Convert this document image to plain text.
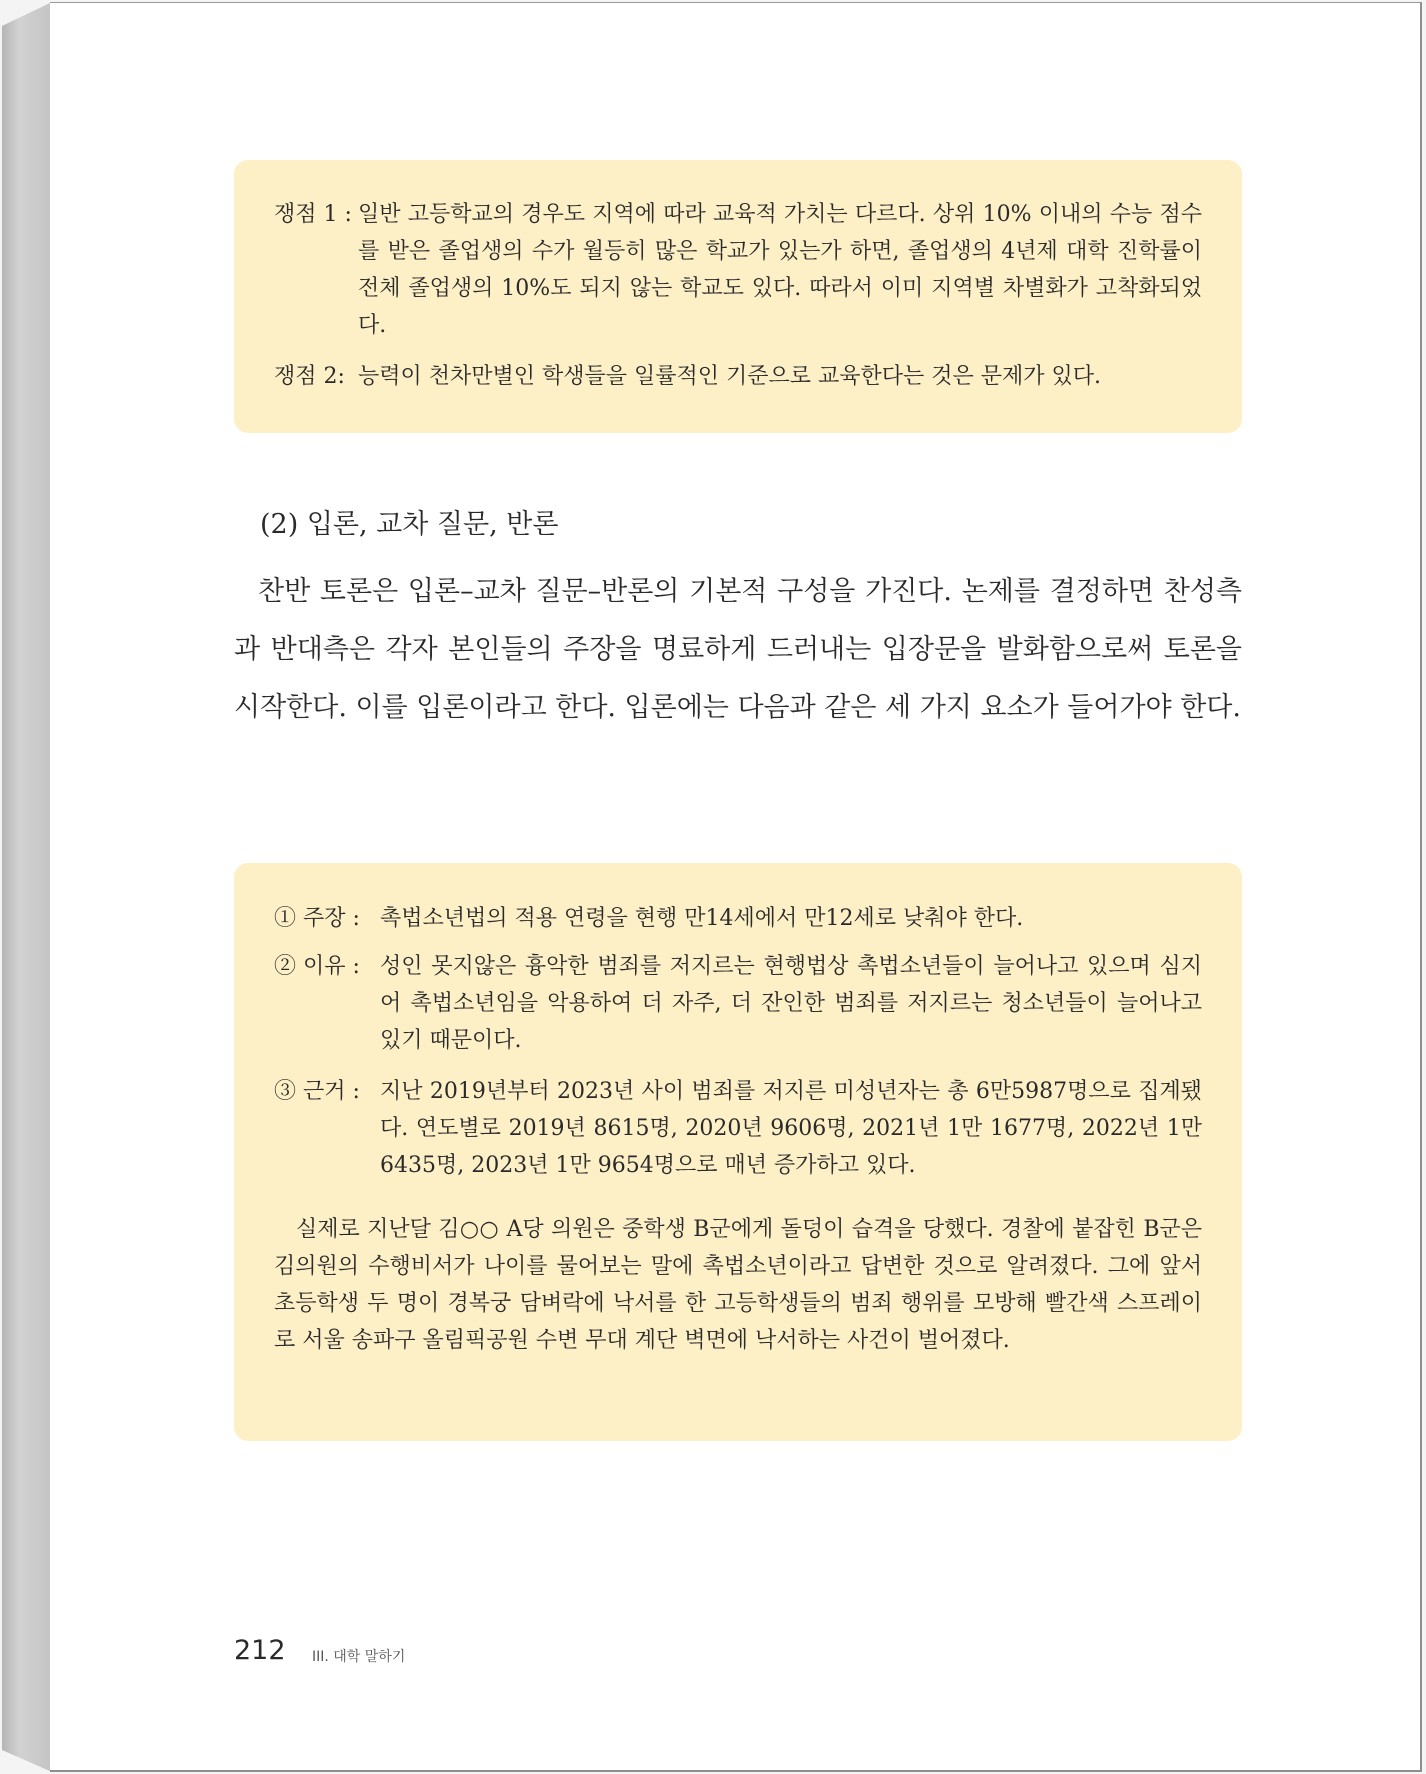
쟁점 1 : 일반 고등학교의 경우도 지역에 따라 교육적 가치는 다르다. 상위 10% 이내의 수능 점수 를 받은 졸업생의 수가 월등히 많은 학교가 있는가 하면, 졸업생의 4년제 대학 진학률이 전체 졸업생의 10%도 되지 않는 학교도 있다. 따라서 이미 지역별 차별화가 고착화되었다.
쟁점 2: 능력이 천차만별인 학생들을 일률적인 기준으로 교육한다는 것은 문제가 있다.
(2) 입론, 교차 질문, 반론

찬반 토론은 입론–교차 질문–반론의 기본적 구성을 가진다. 논제를 결정하면 찬성측과 반대측은 각자 본인들의 주장을 명료하게 드러내는 입장문을 발화함으로써 토론을 시작한다. 이를 입론이라고 한다. 입론에는 다음과 같은 세 가지 요소가 들어가야 한다.

① 주장 : 촉법소년법의 적용 연령을 현행 만14세에서 만12세로 낮춰야 한다.
② 이유 : 성인 못지않은 흉악한 범죄를 저지르는 현행법상 촉법소년들이 늘어나고 있으며 심지어 촉법소년임을 악용하여 더 자주, 더 잔인한 범죄를 저지르는 청소년들이 늘어나고 있기 때문이다.
③ 근거 : 지난 2019년부터 2023년 사이 범죄를 저지른 미성년자는 총 6만5987명으로 집계됐다. 연도별로 2019년 8615명, 2020년 9606명, 2021년 1만 1677명, 2022년 1만 6435명, 2023년 1만 9654명으로 매년 증가하고 있다.

실제로 지난달 김○○ A당 의원은 중학생 B군에게 돌덩이 습격을 당했다. 경찰에 붙잡힌 B군은 김의원의 수행비서가 나이를 물어보는 말에 촉법소년이라고 답변한 것으로 알려졌다. 그에 앞서 초등학생 두 명이 경복궁 담벼락에 낙서를 한 고등학생들의 범죄 행위를 모방해 빨간색 스프레이로 서울 송파구 올림픽공원 수변 무대 계단 벽면에 낙서하는 사건이 벌어졌다.

212 III. 대학 말하기
